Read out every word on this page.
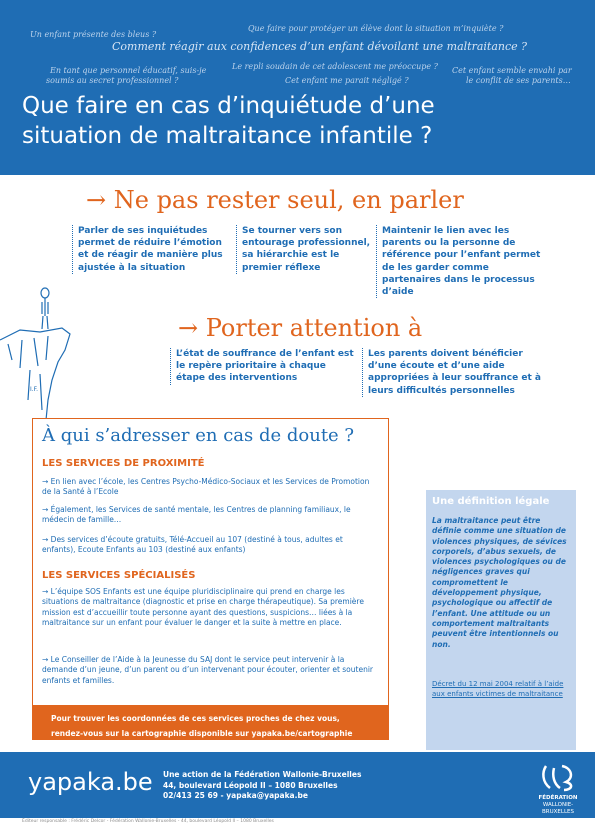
Un enfant présente des bleus ?
Que faire pour protéger un élève dont la situation m’inquiète ?
Comment réagir aux confidences d’un enfant dévoilant une maltraitance ?
En tant que personnel éducatif, suis-je
soumis au secret professionnel ?
Le repli soudain de cet adolescent me préoccupe ?
Cet enfant me parait négligé ?
Cet enfant semble envahi par
le conflit de ses parents…
Que faire en cas d’inquiétude d’une
situation de maltraitance infantile ?
→ Ne pas rester seul, en parler
Parler de ses inquiétudes permet de réduire l’émotion et de réagir de manière plus ajustée à la situation
Se tourner vers son entourage professionnel, sa hiérarchie est le premier réflexe
Maintenir le lien avec les parents ou la personne de référence pour l’enfant permet de les garder comme partenaires dans le processus d’aide
I.F.
→ Porter attention à
L’état de souffrance de l’enfant est le repère prioritaire à chaque étape des interventions
Les parents doivent bénéficier d’une écoute et d’une aide appropriées à leur souffrance et à leurs difficultés personnelles
À qui s’adresser en cas de doute ?
LES SERVICES DE PROXIMITÉ
→ En lien avec l’école, les Centres Psycho-Médico-Sociaux et les Services de Promotion de la Santé à l’Ecole
→ Également, les Services de santé mentale, les Centres de planning familiaux, le médecin de famille…
→ Des services d’écoute gratuits, Télé-Accueil au 107 (destiné à tous, adultes et enfants), Ecoute Enfants au 103 (destiné aux enfants)
LES SERVICES SPÉCIALISÉS
→ L’équipe SOS Enfants est une équipe pluridisciplinaire qui prend en charge les situations de maltraitance (diagnostic et prise en charge thérapeutique). Sa première mission est d’accueillir toute personne ayant des questions, suspicions… liées à la maltraitance sur un enfant pour évaluer le danger et la suite à mettre en place.
→ Le Conseiller de l’Aide à la Jeunesse du SAJ dont le service peut intervenir à la demande d’un jeune, d’un parent ou d’un intervenant pour écouter, orienter et soutenir enfants et familles.
Pour trouver les coordonnées de ces services proches de chez vous,
rendez-vous sur la cartographie disponible sur yapaka.be/cartographie
Une définition légale
La maltraitance peut être définie comme une situation de violences physiques, de sévices corporels, d’abus sexuels, de violences psychologiques ou de négligences graves qui compromettent le développement physique, psychologique ou affectif de l’enfant. Une attitude ou un comportement maltraitants peuvent être intentionnels ou non.
Décret du 12 mai 2004 relatif à l’aide aux enfants victimes de maltraitance
yapaka.be Une action de la Fédération Wallonie-Bruxelles
44, boulevard Léopold II – 1080 Bruxelles
02/413 25 69 - yapaka@yapaka.be	FÉDÉRATION
WALLONIE-BRUXELLES
Éditeur responsable : Frédéric Delcor - Fédération Wallonie-Bruxelles - 44, boulevard Léopold II – 1080 Bruxelles
